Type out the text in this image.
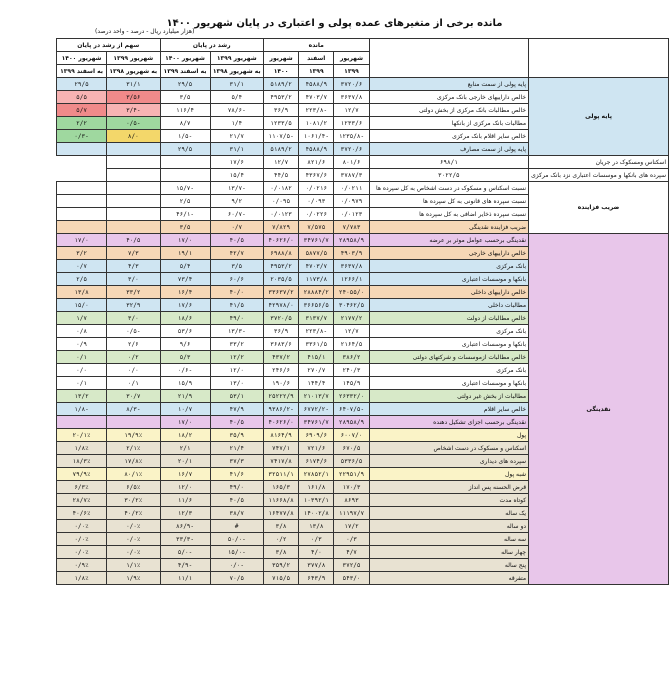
مانده برخی از متغیرهای عمده پولی و اعتباری در پایان شهریور ۱۴۰۰
(هزار میلیارد ریال - درصد - واحد درصد)
		مانده			رشد در پایان		سهم از رشد در پایان	
		شهریور	اسفند	شهریور	شهریور ۱۳۹۹	شهریور ۱۴۰۰	شهریور ۱۳۹۹	شهریور ۱۴۰۰
		۱۳۹۹	۱۳۹۹	۱۴۰۰	به شهریور ۱۳۹۸	به اسفند ۱۳۹۹	به شهریور ۱۳۹۸	به اسفند ۱۳۹۹
پایه پولی	پایه پولی از سمت منابع	۳۷۲۰/۶	۴۵۸۸/۹	۵۱۸۹/۲	۳۱/۱	۲۹/۵	۳۱/۱	۲۹/۵
	خالص داراییهای خارجی بانک مرکزی	۳۶۳۷/۸	۴۷۰۳/۷	۴۹۵۳/۲	۵/۴	۳/۵	۳/۵۶	۵/۵
	خالص مطالبات بانک مرکزی از بخش دولتی	۱۲/۷	-۲۲۳/۸	۳۶/۹	-۷۸/۶	۱۱۶/۴	-۳/۴	۵/۷
	مطالبات بانک مرکزی از بانکها	۱۲۳۳/۶	۱۰۸۱/۲	۱۲۳۳/۵	۱/۴	۸/۷	-۰/۵	۲/۲
	خالص سایر اقلام بانک مرکزی	-۱۲۳۵/۸	-۱۰۶۱/۴	-۱۱۰۷/۵	۲۱/۷	-۱/۵	۸/۰	-۰/۳
	پایه پولی از سمت مصارف	۳۷۲۰/۶	۴۵۸۸/۹	۵۱۸۹/۲	۳۱/۱	۲۹/۵		
اسکناس ومسکوک در جریان	۶۹۸/۱	۸۰۱/۶	۸۲۱/۶	۱۲/۷	۱۷/۶			
سپرده های بانکها و موسسات اعتباری نزد بانک مرکزی	۳۰۲۲/۵	۳۷۸۷/۳	۴۳۶۷/۶	۴۴/۵	۱۵/۴			
ضریب فزاینده	نسبت اسکناس و مسکوک در دست اشخاص به کل سپرده ها	۰/۰۲۱۱	۰/۰۲۱۶	۰/۰۱۸۲	-۱۳/۷	-۱۵/۷		
	نسبت سپرده های قانونی به کل سپرده ها	۰/۰۹۷۹	۰/۰۹۳	۰/۰۹۵	۹/۲	۲/۵		
	نسبت سپرده ذخایر اضافی به کل سپرده ها	۰/۰۱۲۳	۰/۰۲۲۶	۰/۰۱۲۳	-۶۰/۷	-۴۶/۱		
	ضریب فزاینده نقدینگی	۷/۷۸۳	۷/۵۷۵	۷/۸۲۹	۰/۷	۳/۵		
نقدینگی	نقدینگی برحسب عوامل موثر بر عرضه	۲۸۹۵۸/۹	۳۴۷۶۱/۷	۴۰۶۲۶/۰	۴۰/۵	۱۷/۰	۴۰/۵	۱۷/۰
	خالص داراییهای خارجی	۴۹۰۳/۹	۵۸۷۷/۵	۶۹۸۸/۸	۴۲/۷	۱۹/۱	۷/۳	۳/۲
	بانک مرکزی	۳۶۳۷/۸	۴۷۰۳/۷	۴۹۵۳/۲	۳/۵	۵/۴	۴/۳	۰/۷
	بانکها و موسسات اعتباری	۱۲۶۶/۱	۱۱۷۳/۸	۲۰۳۵/۵	۶۰/۶	۷۳/۴	۳/۰	۲/۵
	خالص داراییهای داخلی	۲۴۰۵۵/۰	۲۸۸۸۴/۲	۳۳۶۳۷/۲	۴۰/۰	۱۶/۴	۳۳/۲	۱۳/۸
	مطالبات داخلی	۳۰۴۶۲/۵	۳۶۶۵۶/۵	۴۲۹۷۸/۰	۴۱/۵	۱۷/۶	۳۲/۹	۱۵/۰
	خالص مطالبات از دولت	۲۱۷۷/۲	۳۱۳۷/۷	۳۷۲۰/۵	۴۹/۰	۱۸/۶	۳/۰	۱/۷
	بانک مرکزی	۱۲/۷	-۲۲۳/۸	۳۶/۹	-۱۳/۳	۵۳/۶	-۰/۵	۰/۸
	بانکها و موسسات اعتباری	۲۱۶۴/۵	۳۳۶۱/۵	۳۶۸۳/۶	۳۳/۲	۹/۶	۲/۶	۰/۹
	خالص مطالبات ازموسسات و شرکتهای دولتی	۳۸۶/۲	۴۱۵/۱	۴۳۷/۲	۱۲/۲	۵/۳	۰/۲	۰/۱
	بانک مرکزی	۲۴۰/۳	۲۷۰/۷	۲۴۶/۶	۱۲/۰	-۰/۶	۰/۰	۰/۰
	بانکها و موسسات اعتباری	۱۴۵/۹	۱۴۴/۴	۱۹۰/۶	۱۳/۰	۱۵/۹	۰/۱	۰/۱
	مطالبات از بخش غیر دولتی	۲۶۳۳۲/۰	۲۱۰۱۳/۷	۲۵۲۲۲/۹	۵۳/۱	۲۱/۹	۳۰/۷	۱۳/۲
	خالص سایر اقلام	-۶۴۰۷/۵	-۶۷۷۲/۲	-۹۳۸۶/۲	۴۷/۹	۱۰/۷	-۸/۳	-۱/۸
	نقدینگی برحسب اجزای تشکیل دهنده	۲۸۹۵۸/۹	۳۴۷۶۱/۷	۴۰۶۲۶/۰	۴۰/۵	۱۷/۰		
	پول	۶۰۰۷/۰	۶۹۰۹/۶	۸۱۶۴/۹	۳۵/۹	۱۸/۲	۱۹/۹٪	۲۰/۱٪
	اسکناس و مسکوک در دست اشخاص	۶۷۰/۵	۷۲۱/۶	۷۴۷/۱	۲۱/۴	۲/۱	۲/۱٪	۱/۸٪
	سپرده های دیداری	۵۳۳۶/۵	۶۱۷۴/۶	۷۴۱۷/۸	۳۷/۳	۲۰/۱	۱۷/۸٪	۱۸/۳٪
	شبه پول	۲۲۹۵۱/۹	۲۷۸۵۲/۱	۳۲۵۱۱/۱	۴۱/۶	۱۶/۷	۸۰/۱٪	۷۹/۹٪
	قرض الحسنه پس انداز	۱۷۰/۳	۱۶۱/۸	۱۶۵/۳	۴۹/۰	۱۲/۰	۶/۵٪	۶/۳٪
	کوتاه مدت	۸۶۹۳	۱۰۳۹۲/۱	۱۱۶۶۸/۸	۴۰/۵	۱۱/۶	۳۰/۲٪	۲۸/۷٪
	یک ساله	۱۱۱۹۷/۷	۱۴۰۰۲/۸	۱۶۴۷۷/۸	۳۸/۷	۱۲/۳	۴۰/۲٪	۴۰/۶٪
	دو ساله	۱۷/۲	۱۳/۸	۳/۸	#	-۸۶/۹	۰/۰٪	۰/۰٪
	سه ساله	۰/۳	۰/۳	۰/۲	-۵۰/۰	-۳۳/۳	۰/۰٪	۰/۰٪
	چهار ساله	۴/۷	۴/۰	۳/۸	-۱۵/۰	-۵/۰	۰/۰٪	۰/۰٪
	پنج ساله	۳۷۲/۵	۳۷۷/۸	۳۵۹/۲	-۰/۰	-۴/۹	۱/۱٪	۰/۹٪
	متفرقه	۵۴۳/۰	۶۴۳/۹	۷۱۵/۵	۷۰/۵	۱۱/۱	۱/۹٪	۱/۸٪
